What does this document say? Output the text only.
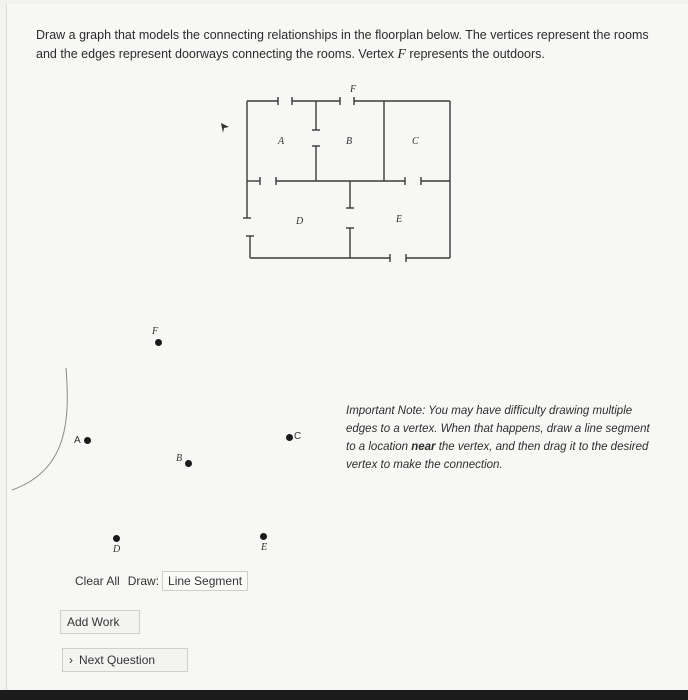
Draw a graph that models the connecting relationships in the floorplan below. The vertices represent the rooms and the edges represent doorways connecting the rooms. Vertex F represents the outdoors.
F
A	B	C
D	E
F
A	C
B
D	E
Important Note: You may have difficulty drawing multiple edges to a vertex. When that happens, draw a line segment to a location near the vertex, and then drag it to the desired vertex to make the connection.
Clear All Draw: Line Segment
Add Work
› Next Question
